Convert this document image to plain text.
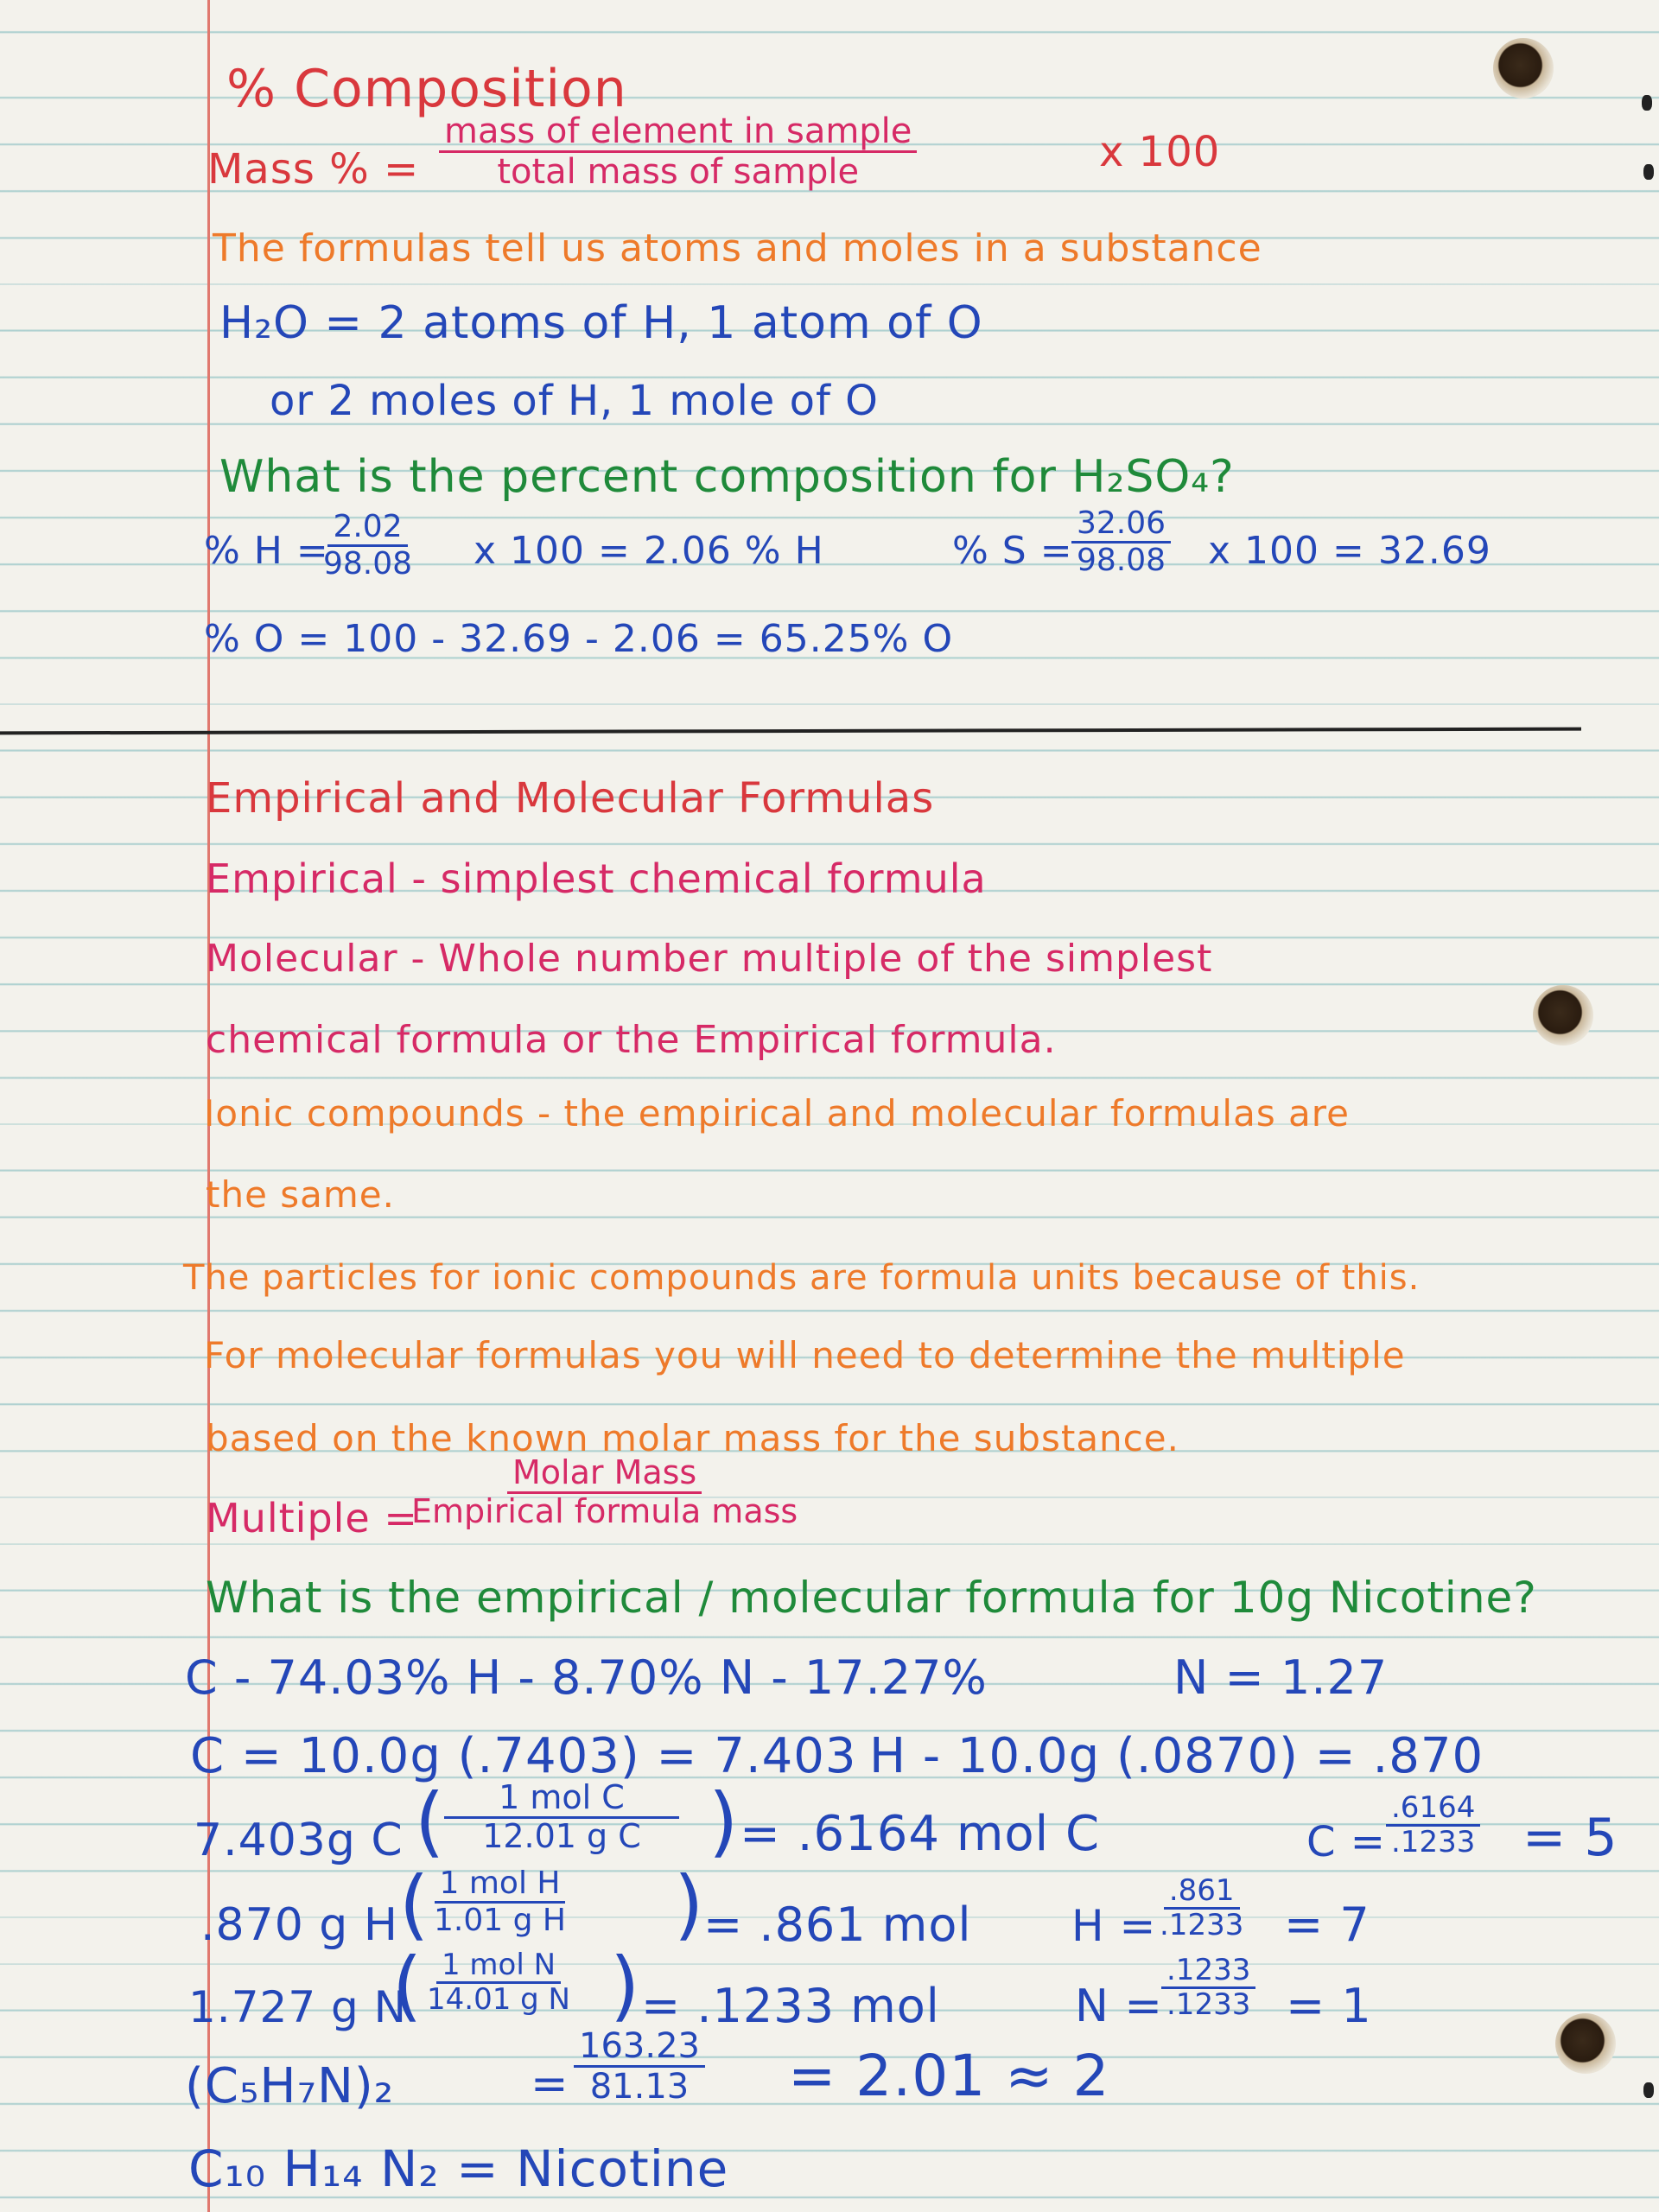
% Composition
Mass % =
mass of element in sample
total mass of sample	x 100
The formulas tell us atoms and moles in a substance
H₂O = 2 atoms of H, 1 atom of O
or 2 moles of H, 1 mole of O
What is the percent composition for H₂SO₄?
% H =
$\frac{2.02}{98.08}$ x 100 = 2.06 % H	% S =
$\frac{32.06}{98.08}$ x 100 = 32.69
% O = 100 - 32.69 - 2.06 = 65.25% O
Empirical and Molecular Formulas
Empirical - simplest chemical formula
Molecular - Whole number multiple of the simplest
chemical formula or the Empirical formula.
Ionic compounds - the empirical and molecular formulas are
the same.
The particles for ionic compounds are formula units because of this.
For molecular formulas you will need to determine the multiple
based on the known molar mass for the substance.
Multiple =
Molar Mass
Empirical formula mass
What is the empirical / molecular formula for 10g Nicotine?
C - 74.03% H - 8.70% N - 17.27%	N = 1.27
C = 10.0g (.7403) = 7.403 H - 10.0g (.0870) = .870
7.403g C (	1 mol C
12.01 g C ) = .6164 mol C	$C = \frac{.6164}{.1233} = 5$
.870 g H ( 1 mol H
1.01 g H ) = .861 mol H =
$\frac{.861}{.1233} = 7$
1.727 g N
( 1 mol N
14.01 g N ) = .1233 mol	N =
$\frac{.1233}{.1233} = 1$
(C₅H₇N)₂	= $\frac{163.23}{81.13} = 2.01 \approx 2$
C₁₀ H₁₄ N₂ = Nicotine
